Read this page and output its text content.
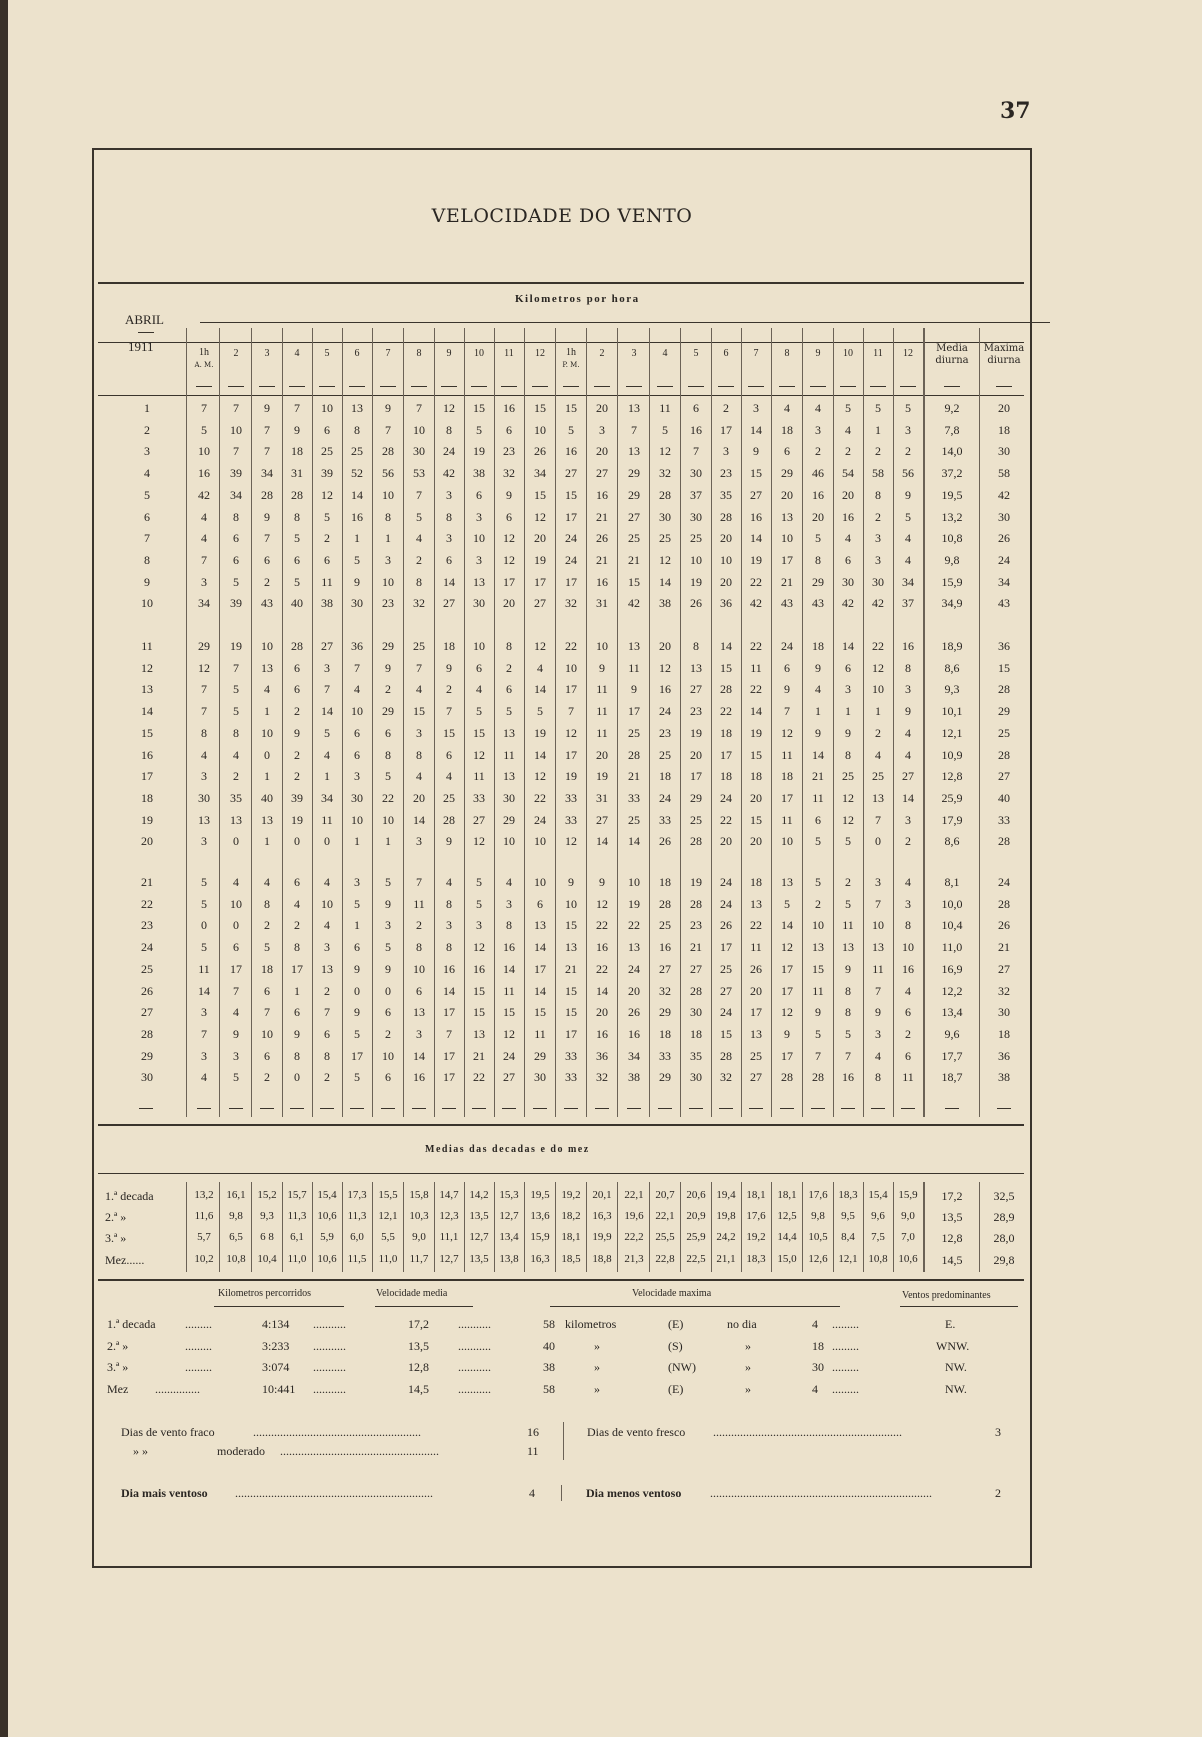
37
VELOCIDADE DO VENTO
Kilometros por hora
ABRIL
1911	1h
A. M.
2	3	4	5	6	7	8	9	10	11	12	1h
P. M.
2	3	4	5	6	7	8	9	10	11	12	Media
diurna
Maxima
diurna
1	7	7	9	7	10	13	9	7	12	15	16	15	15	20	13	11	6	2	3	4	4	5	5	5	9,2	20
2	5	10	7	9	6	8	7	10	8	5	6	10	5	3	7	5	16	17	14	18	3	4	1	3	7,8	18
3	10	7	7	18	25	25	28	30	24	19	23	26	16	20	13	12	7	3	9	6	2	2	2	2	14,0	30
4	16	39	34	31	39	52	56	53	42	38	32	34	27	27	29	32	30	23	15	29	46	54	58	56	37,2	58
5	42	34	28	28	12	14	10	7	3	6	9	15	15	16	29	28	37	35	27	20	16	20	8	9	19,5	42
6	4	8	9	8	5	16	8	5	8	3	6	12	17	21	27	30	30	28	16	13	20	16	2	5	13,2	30
7	4	6	7	5	2	1	1	4	3	10	12	20	24	26	25	25	25	20	14	10	5	4	3	4	10,8	26
8	7	6	6	6	6	5	3	2	6	3	12	19	24	21	21	12	10	10	19	17	8	6	3	4	9,8	24
9	3	5	2	5	11	9	10	8	14	13	17	17	17	16	15	14	19	20	22	21	29	30	30	34	15,9	34
10	34	39	43	40	38	30	23	32	27	30	20	27	32	31	42	38	26	36	42	43	43	42	42	37	34,9	43
11	29	19	10	28	27	36	29	25	18	10	8	12	22	10	13	20	8	14	22	24	18	14	22	16	18,9	36
12	12	7	13	6	3	7	9	7	9	6	2	4	10	9	11	12	13	15	11	6	9	6	12	8	8,6	15
13	7	5	4	6	7	4	2	4	2	4	6	14	17	11	9	16	27	28	22	9	4	3	10	3	9,3	28
14	7	5	1	2	14	10	29	15	7	5	5	5	7	11	17	24	23	22	14	7	1	1	1	9	10,1	29
15	8	8	10	9	5	6	6	3	15	15	13	19	12	11	25	23	19	18	19	12	9	9	2	4	12,1	25
16	4	4	0	2	4	6	8	8	6	12	11	14	17	20	28	25	20	17	15	11	14	8	4	4	10,9	28
17	3	2	1	2	1	3	5	4	4	11	13	12	19	19	21	18	17	18	18	18	21	25	25	27	12,8	27
18	30	35	40	39	34	30	22	20	25	33	30	22	33	31	33	24	29	24	20	17	11	12	13	14	25,9	40
19	13	13	13	19	11	10	10	14	28	27	29	24	33	27	25	33	25	22	15	11	6	12	7	3	17,9	33
20	3	0	1	0	0	1	1	3	9	12	10	10	12	14	14	26	28	20	20	10	5	5	0	2	8,6	28
21	5	4	4	6	4	3	5	7	4	5	4	10	9	9	10	18	19	24	18	13	5	2	3	4	8,1	24
22	5	10	8	4	10	5	9	11	8	5	3	6	10	12	19	28	28	24	13	5	2	5	7	3	10,0	28
23	0	0	2	2	4	1	3	2	3	3	8	13	15	22	22	25	23	26	22	14	10	11	10	8	10,4	26
24	5	6	5	8	3	6	5	8	8	12	16	14	13	16	13	16	21	17	11	12	13	13	13	10	11,0	21
25	11	17	18	17	13	9	9	10	16	16	14	17	21	22	24	27	27	25	26	17	15	9	11	16	16,9	27
26	14	7	6	1	2	0	0	6	14	15	11	14	15	14	20	32	28	27	20	17	11	8	7	4	12,2	32
27	3	4	7	6	7	9	6	13	17	15	15	15	15	20	26	29	30	24	17	12	9	8	9	6	13,4	30
28	7	9	10	9	6	5	2	3	7	13	12	11	17	16	16	18	18	15	13	9	5	5	3	2	9,6	18
29	3	3	6	8	8	17	10	14	17	21	24	29	33	36	34	33	35	28	25	17	7	7	4	6	17,7	36
30	4	5	2	0	2	5	6	16	17	22	27	30	33	32	38	29	30	32	27	28	28	16	8	11	18,7	38
Medias das decadas e do mez
1.ª decada	13,2	16,1	15,2 15,7 15,4 17,3	15,5	15,8 14,7 14,2 15,3	19,5	19,2	20,1	22,1	20,7	20,6 19,4 18,1	18,1	17,6 18,3 15,4 15,9	17,2	32,5
2.ª »	11,6	9,8	9,3	11,3 10,6 11,3	12,1	10,3 12,3 13,5 12,7	13,6	18,2	16,3	19,6	22,1	20,9 19,8 17,6	12,5	9,8	9,5	9,6	9,0	13,5	28,9
3.ª »	5,7	6,5	6 8	6,1	5,9	6,0	5,5	9,0	11,1 12,7 13,4	15,9	18,1	19,9	22,2	25,5	25,9 24,2 19,2	14,4	10,5	8,4	7,5	7,0	12,8	28,0
Mez......	10,2	10,8	10,4 11,0 10,6 11,5	11,0	11,7 12,7 13,5 13,8	16,3	18,5	18,8	21,3	22,8	22,5 21,1 18,3	15,0	12,6 12,1 10,8 10,6	14,5	29,8
Kilometros percorridos	Velocidade media	Velocidade maxima	Ventos predominantes
1.ª decada .........	4:134 ...........	17,2 ...........	58 kilometros	(E)	no dia	4 .........	E.
2.ª »	.........	3:233 ...........	13,5 ...........	40	»	(S)	»	18 .........	WNW.
3.ª »	.........	3:074 ...........	12,8 ...........	38	»	(NW)	»	30 .........	NW.
Mez ...............	10:441 ...........	14,5 ...........	58	»	(E)	»	4 .........	NW.
Dias de vento fraco	........................................................	16
» »	moderado .....................................................	11
Dias de vento fresco ...............................................................	3
Dia mais ventoso ..................................................................	4	Dia menos ventoso ..........................................................................	2
